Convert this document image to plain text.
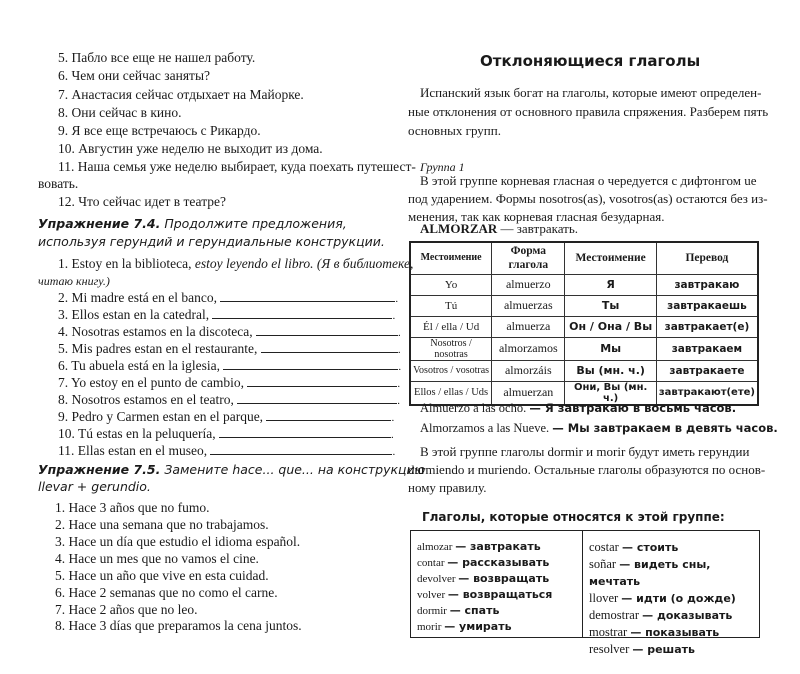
5. Пабло все еще не нашел работу.
6. Чем они сейчас заняты?
7. Анастасия сейчас отдыхает на Майорке.
8. Они сейчас в кино.
9. Я все еще встречаюсь с Рикардо.
10. Августин уже неделю не выходит из дома.
11. Наша семья уже неделю выбирает, куда поехать путешест-
вовать.
12. Что сейчас идет в театре?
Упражнение 7.4. Продолжите предложения,
используя герундий и герундиальные конструкции.
1. Estoy en la biblioteca, estoy leyendo el libro. (Я в библиотеке,
читаю книгу.)
2. Mi madre está en el banco,	.
3. Ellos estan en la catedral,	.
4. Nosotras estamos en la discoteca,	.
5. Mis padres estan en el restaurante,	.
6. Tu abuela está en la iglesia,	.
7. Yo estoy en el punto de cambio,	.
8. Nosotros estamos en el teatro,	.
9. Pedro y Carmen estan en el parque,	.
10. Tú estas en la peluquería,	.
11. Ellas estan en el museo,	.
Упражнение 7.5. Замените hace... que... на конструкцию
llevar + gerundio.
1. Hace 3 años que no fumo.
2. Hace una semana que no trabajamos.
3. Hace un día que estudio el idioma español.
4. Hace un mes que no vamos el cine.
5. Hace un año que vive en esta cuidad.
6. Hace 2 semanas que no como el carne.
7. Hace 2 años que no leo.
8. Hace 3 días que preparamos la cena juntos.
Отклоняющиеся глаголы
Испанский язык богат на глаголы, которые имеют определен-
ные отклонения от основного правила спряжения. Разберем пять
основных групп.
Группа 1
В этой группе корневая гласная о чередуется с дифтонгом ue
под ударением. Формы nosotros(as), vosotros(as) остаются без из-
менения, так как корневая гласная безударная.
ALMORZAR — завтракать.
Местоимение	Форма глагола	Местоимение	Перевод
Yo	almuerzo	Я	завтракаю
Tú	almuerzas	Ты	завтракаешь
Él / ella / Ud	almuerza	Он / Она / Вы	завтракает(е)
Nosotros / nosotras	almorzamos	Мы	завтракаем
Vosotros / vosotras	almorzáis	Вы (мн. ч.)	завтракаете
Ellos / ellas / Uds	almuerzan	Они, Вы (мн. ч.)	завтракают(ете)
Almuerzo a las ocho. — Я завтракаю в восьмь часов.
Almorzamos a las Nueve. — Мы завтракаем в девять часов.
В этой группе глаголы dormir и morir будут иметь герундии
durmiendo и muriendo. Остальные глаголы образуются по основ-
ному правилу.
Глаголы, которые относятся к этой группе:
almozar — завтракать
contar — рассказывать
devolver — возвращать
volver — возвращаться
dormir — спать
morir — умирать
costar — стоить
soñar — видеть сны, мечтать
llover — идти (о дожде)
demostrar — доказывать
mostrar — показывать
resolver — решать
